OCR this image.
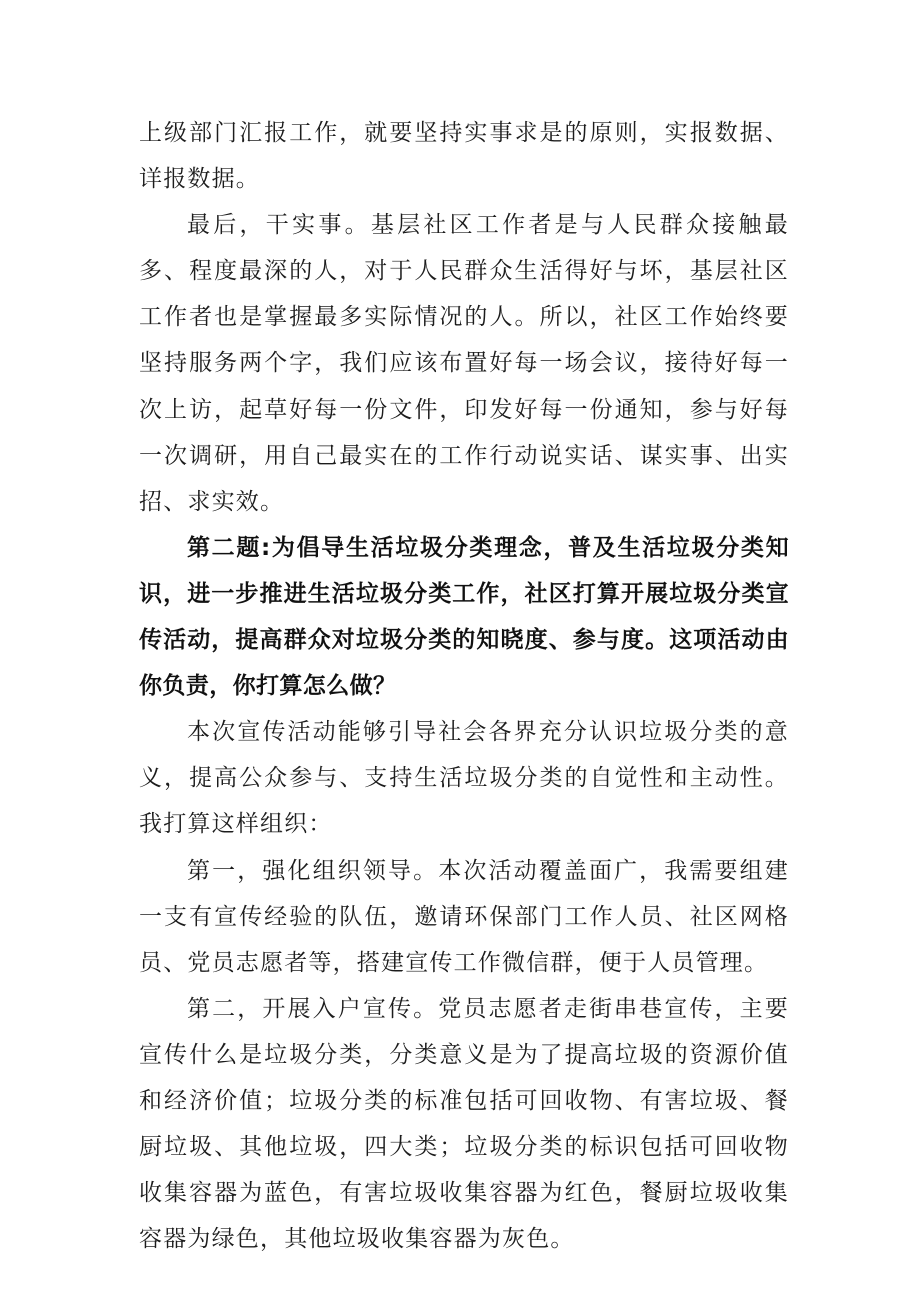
上级部门汇报工作，就要坚持实事求是的原则，实报数据、详报数据。

最后，干实事。基层社区工作者是与人民群众接触最多、程度最深的人，对于人民群众生活得好与坏，基层社区工作者也是掌握最多实际情况的人。所以，社区工作始终要坚持服务两个字，我们应该布置好每一场会议，接待好每一次上访，起草好每一份文件，印发好每一份通知，参与好每一次调研，用自己最实在的工作行动说实话、谋实事、出实招、求实效。

第二题:为倡导生活垃圾分类理念，普及生活垃圾分类知识，进一步推进生活垃圾分类工作，社区打算开展垃圾分类宣传活动，提高群众对垃圾分类的知晓度、参与度。这项活动由你负责，你打算怎么做？

本次宣传活动能够引导社会各界充分认识垃圾分类的意义，提高公众参与、支持生活垃圾分类的自觉性和主动性。我打算这样组织：

第一，强化组织领导。本次活动覆盖面广，我需要组建一支有宣传经验的队伍，邀请环保部门工作人员、社区网格员、党员志愿者等，搭建宣传工作微信群，便于人员管理。

第二，开展入户宣传。党员志愿者走街串巷宣传，主要宣传什么是垃圾分类，分类意义是为了提高垃圾的资源价值和经济价值；垃圾分类的标准包括可回收物、有害垃圾、餐厨垃圾、其他垃圾，四大类；垃圾分类的标识包括可回收物收集容器为蓝色，有害垃圾收集容器为红色，餐厨垃圾收集容器为绿色，其他垃圾收集容器为灰色。
